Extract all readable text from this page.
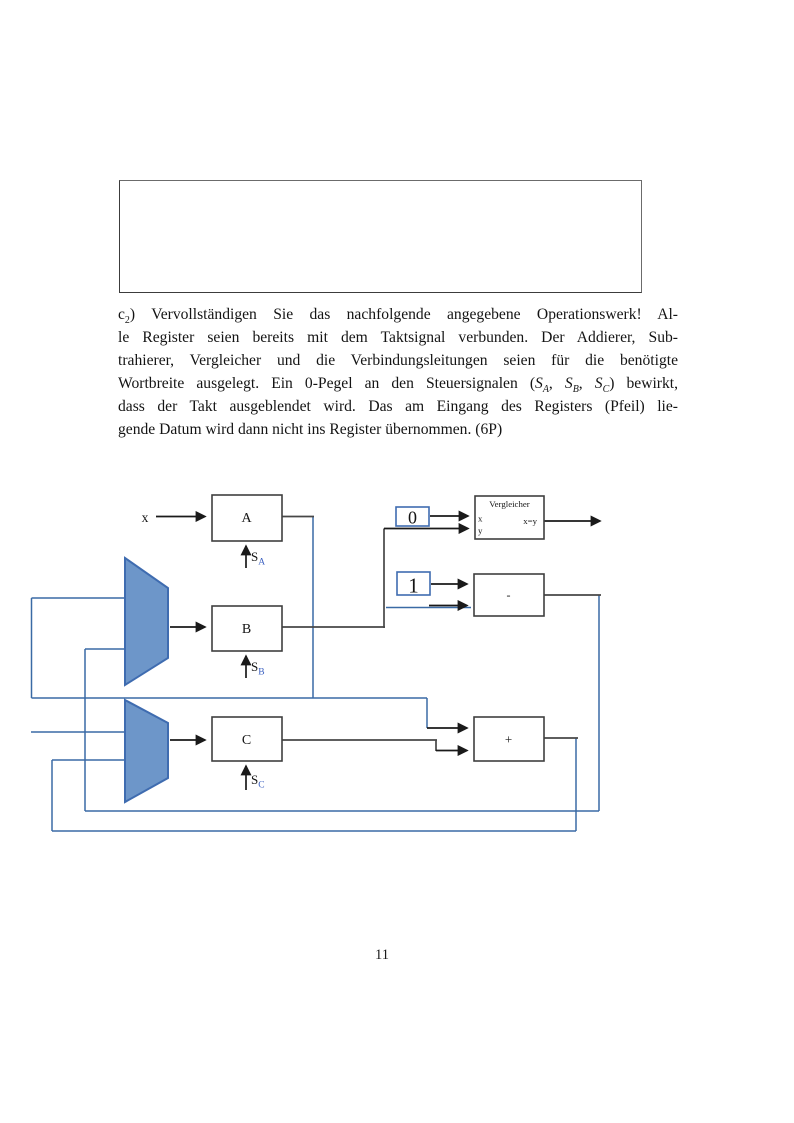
$c_2$) Vervollständigen Sie das nachfolgende angegebene Operationswerk! Al-
le Register seien bereits mit dem Taktsignal verbunden. Der Addierer, Sub-
trahierer, Vergleicher und die Verbindungsleitungen seien für die benötigte
Wortbreite ausgelegt. Ein 0-Pegel an den Steuersignalen ($S_A$, $S_B$, $S_C$) bewirkt,
dass der Takt ausgeblendet wird. Das am Eingang des Registers (Pfeil) lie-
gende Datum wird dann nicht ins Register übernommen. (6P)
x	A
B
C
$S_A$
$S_B$
$S_C$
0
1
Vergleicher
x
y
x=y
-
+
11
